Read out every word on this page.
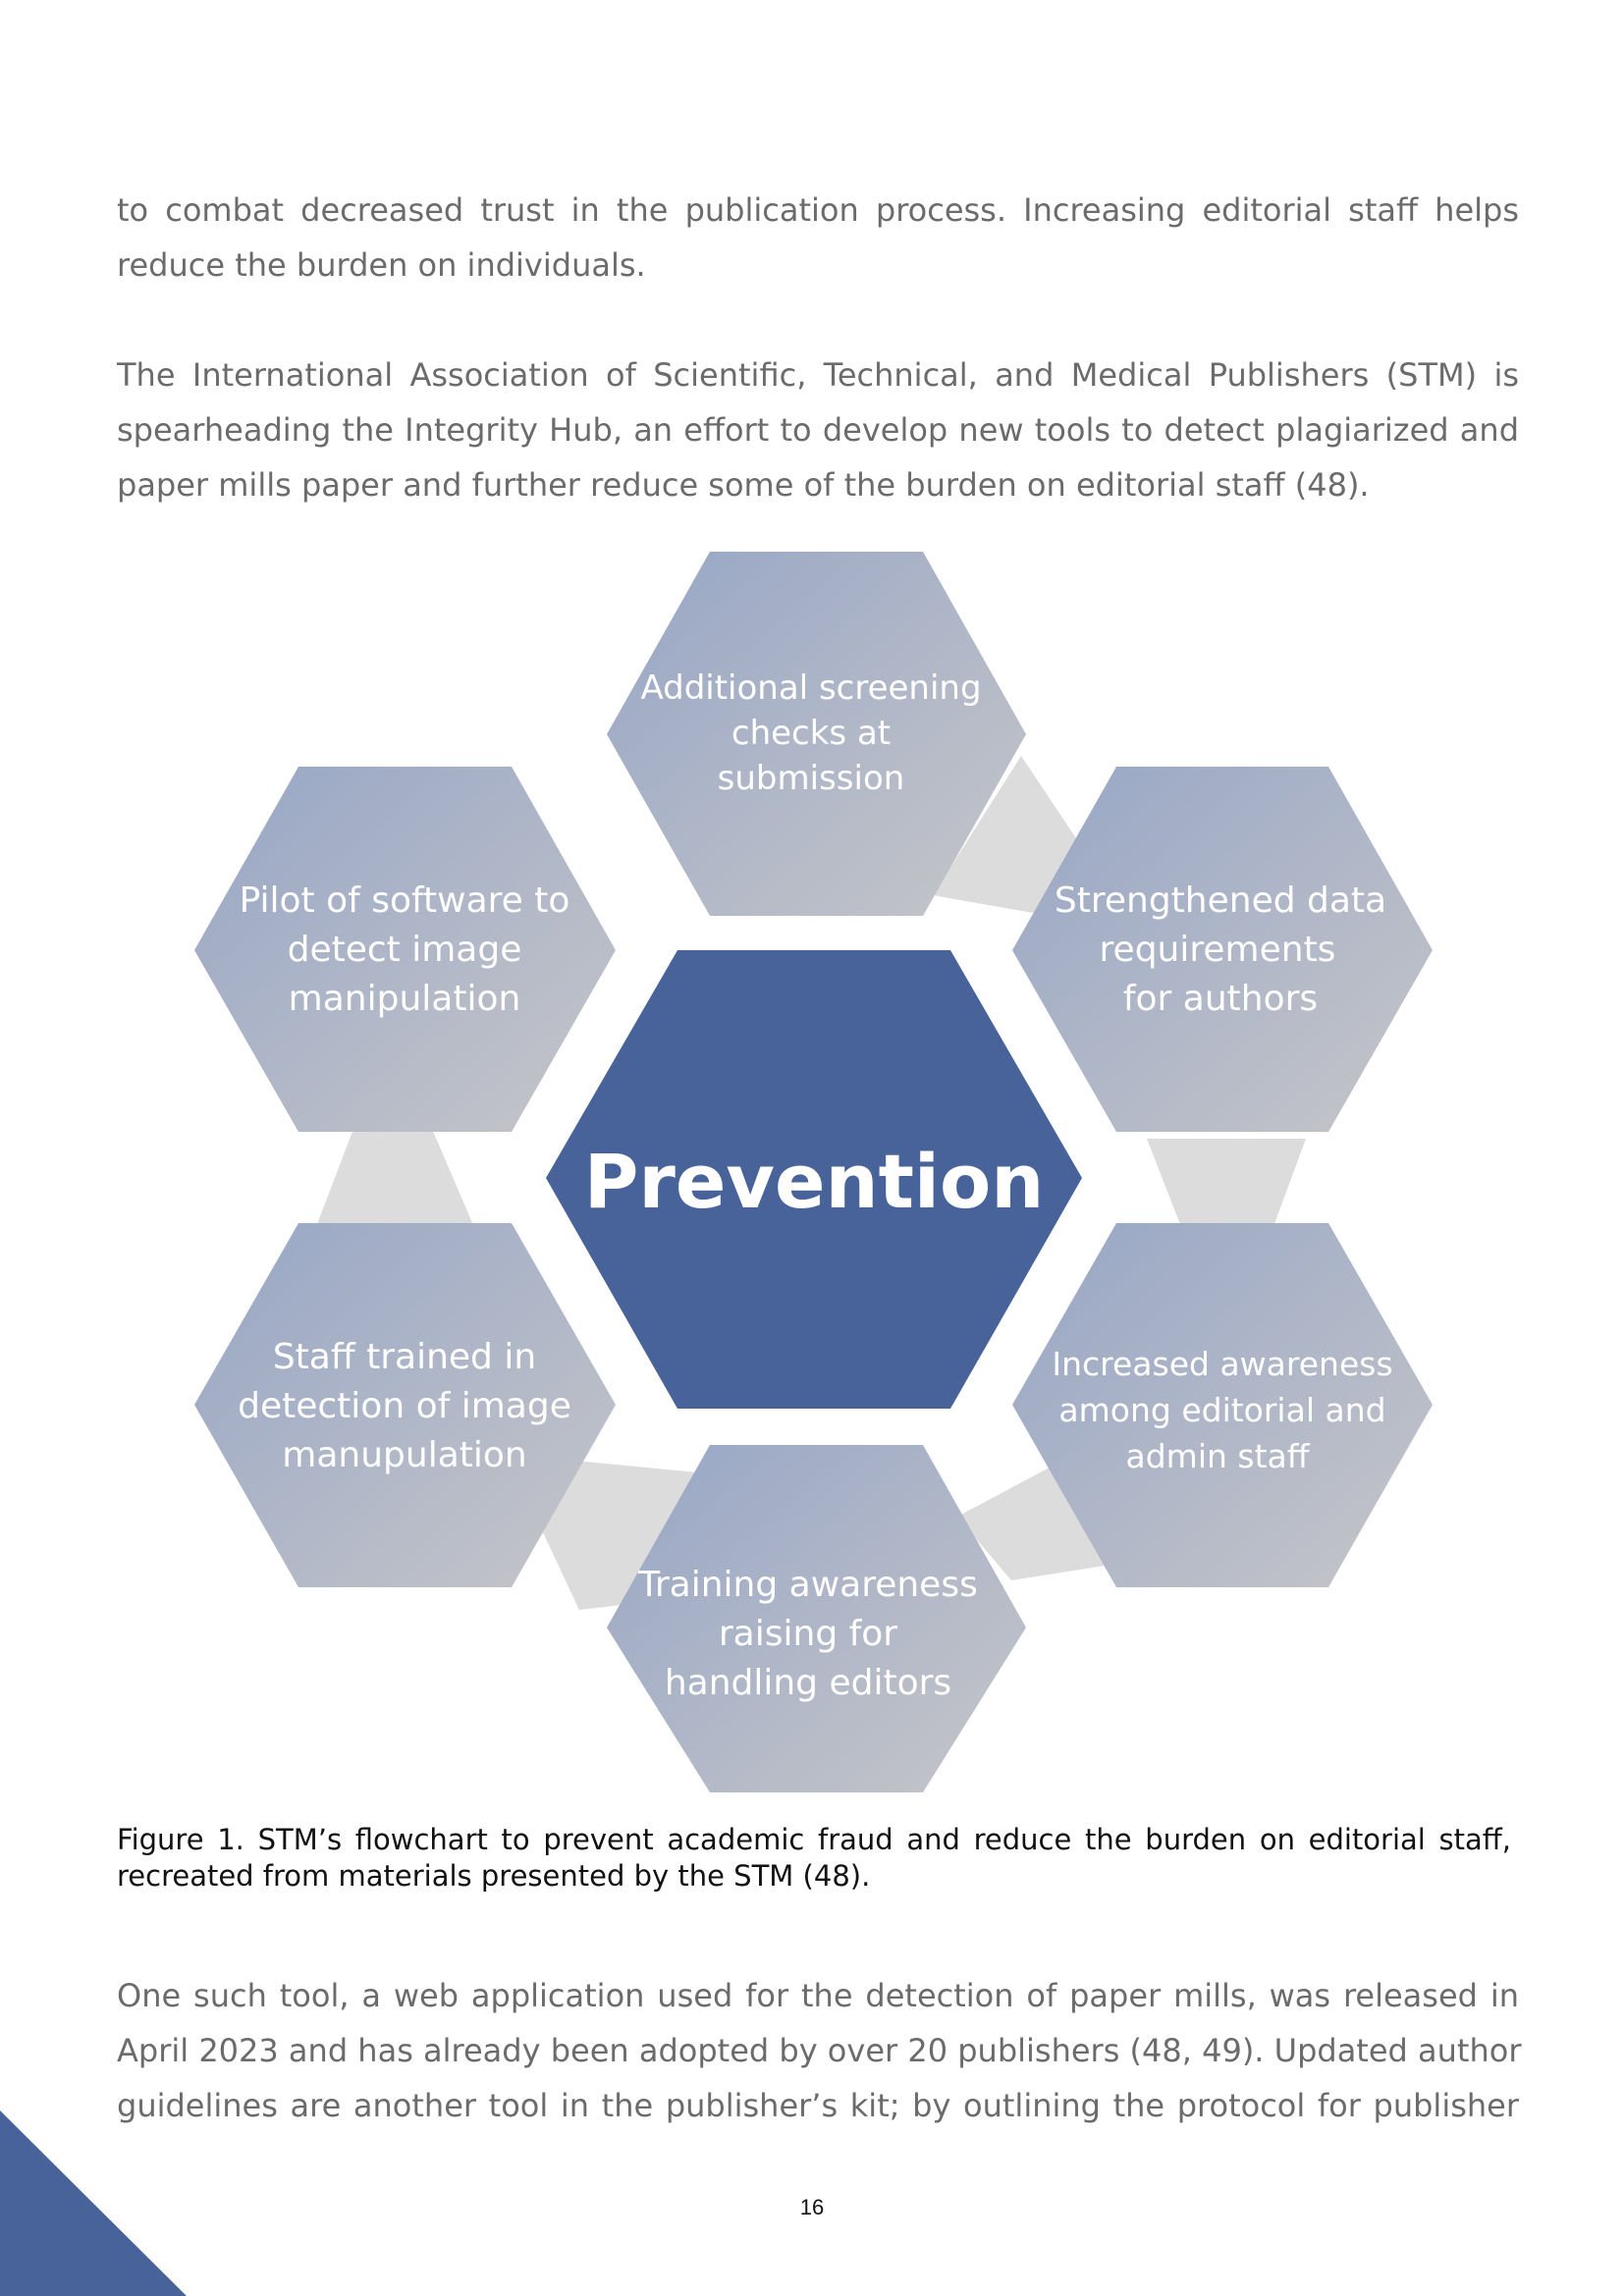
to combat decreased trust in the publication process. Increasing editorial staff helps
reduce the burden on individuals.
The International Association of Scientific, Technical, and Medical Publishers (STM) is
spearheading the Integrity Hub, an effort to develop new tools to detect plagiarized and
paper mills paper and further reduce some of the burden on editorial staff (48).
Prevention
Additional screening
checks at
submission
Strengthened data
requirements
for authors
Increased awareness
among editorial and
admin staff
Training awareness
raising for
handling editors
Staff trained in
detection of image
manupulation
Pilot of software to
detect image
manipulation
Figure 1. STM’s flowchart to prevent academic fraud and reduce the burden on editorial staff,
recreated from materials presented by the STM (48).
One such tool, a web application used for the detection of paper mills, was released in
April 2023 and has already been adopted by over 20 publishers (48, 49). Updated author
guidelines are another tool in the publisher’s kit; by outlining the protocol for publisher
16
